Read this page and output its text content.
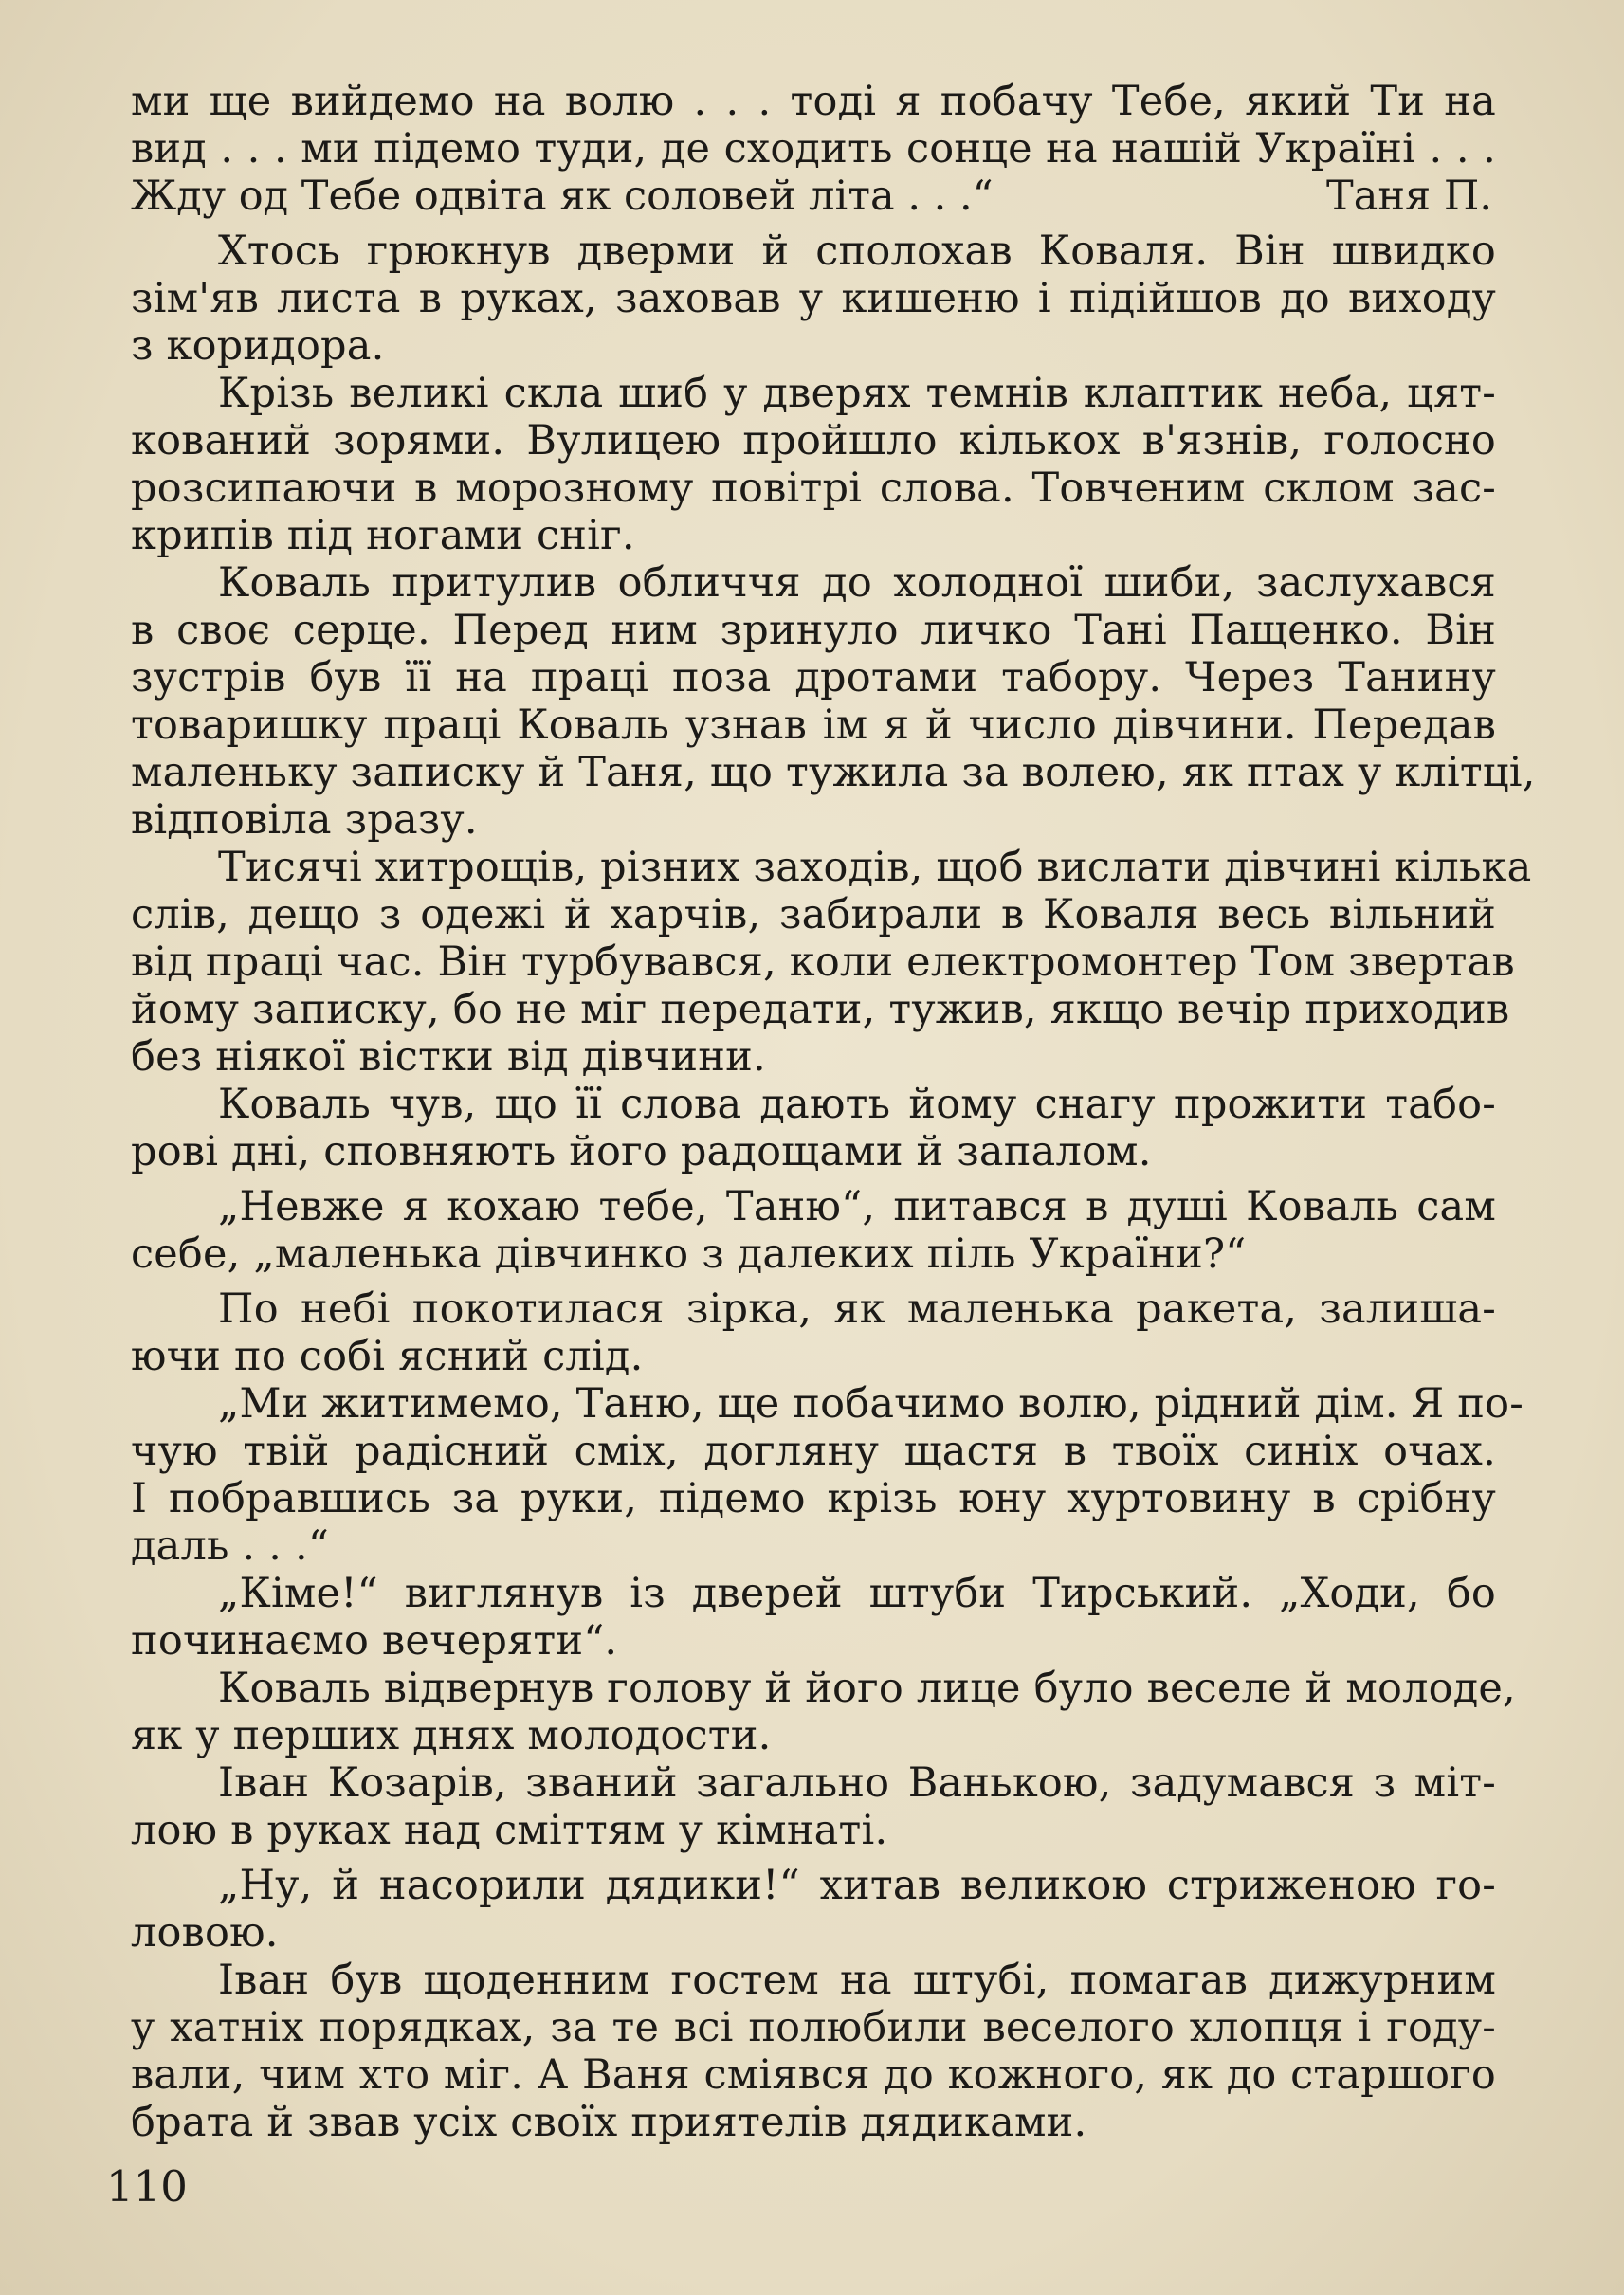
ми ще вийдемо на волю . . . тоді я побачу Тебе, який Ти на
вид . . . ми підемо туди, де сходить сонце на нашій Україні . . .
Жду од Тебе одвіта як соловей літа . . .“	Таня П.
Хтось грюкнув дверми й сполохав Коваля. Він швидко
зім'яв листа в руках, заховав у кишеню і підійшов до виходу
з коридора.
Крізь великі скла шиб у дверях темнів клаптик неба, цят-
кований зорями. Вулицею пройшло кількох в'язнів, голосно
розсипаючи в морозному повітрі слова. Товченим склом зас-
крипів під ногами сніг.
Коваль притулив обличчя до холодної шиби, заслухався
в своє серце. Перед ним зринуло личко Тані Пащенко. Він
зустрів був її на праці поза дротами табору. Через Танину
товаришку праці Коваль узнав ім я й число дівчини. Передав
маленьку записку й Таня, що тужила за волею, як птах у клітці,
відповіла зразу.
Тисячі хитрощів, різних заходів, щоб вислати дівчині кілька
слів, дещо з одежі й харчів, забирали в Коваля весь вільний
від праці час. Він турбувався, коли електромонтер Том звертав
йому записку, бо не міг передати, тужив, якщо вечір приходив
без ніякої вістки від дівчини.
Коваль чув, що її слова дають йому снагу прожити табо-
рові дні, сповняють його радощами й запалом.
„Невже я кохаю тебе, Таню“, питався в душі Коваль сам
себе, „маленька дівчинко з далеких піль України?“
По небі покотилася зірка, як маленька ракета, залиша-
ючи по собі ясний слід.
„Ми житимемо, Таню, ще побачимо волю, рідний дім. Я по-
чую твій радісний сміх, догляну щастя в твоїх синіх очах.
І побравшись за руки, підемо крізь юну хуртовину в срібну
даль . . .“
„Кіме!“ виглянув із дверей штуби Тирський. „Ходи, бо
починаємо вечеряти“.
Коваль відвернув голову й його лице було веселе й молоде,
як у перших днях молодости.
Іван Козарів, званий загально Ванькою, задумався з міт-
лою в руках над сміттям у кімнаті.
„Ну, й насорили дядики!“ хитав великою стриженою го-
ловою.
Іван був щоденним гостем на штубі, помагав дижурним
у хатніх порядках, за те всі полюбили веселого хлопця і году-
вали, чим хто міг. А Ваня сміявся до кожного, як до старшого
брата й звав усіх своїх приятелів дядиками.
110
